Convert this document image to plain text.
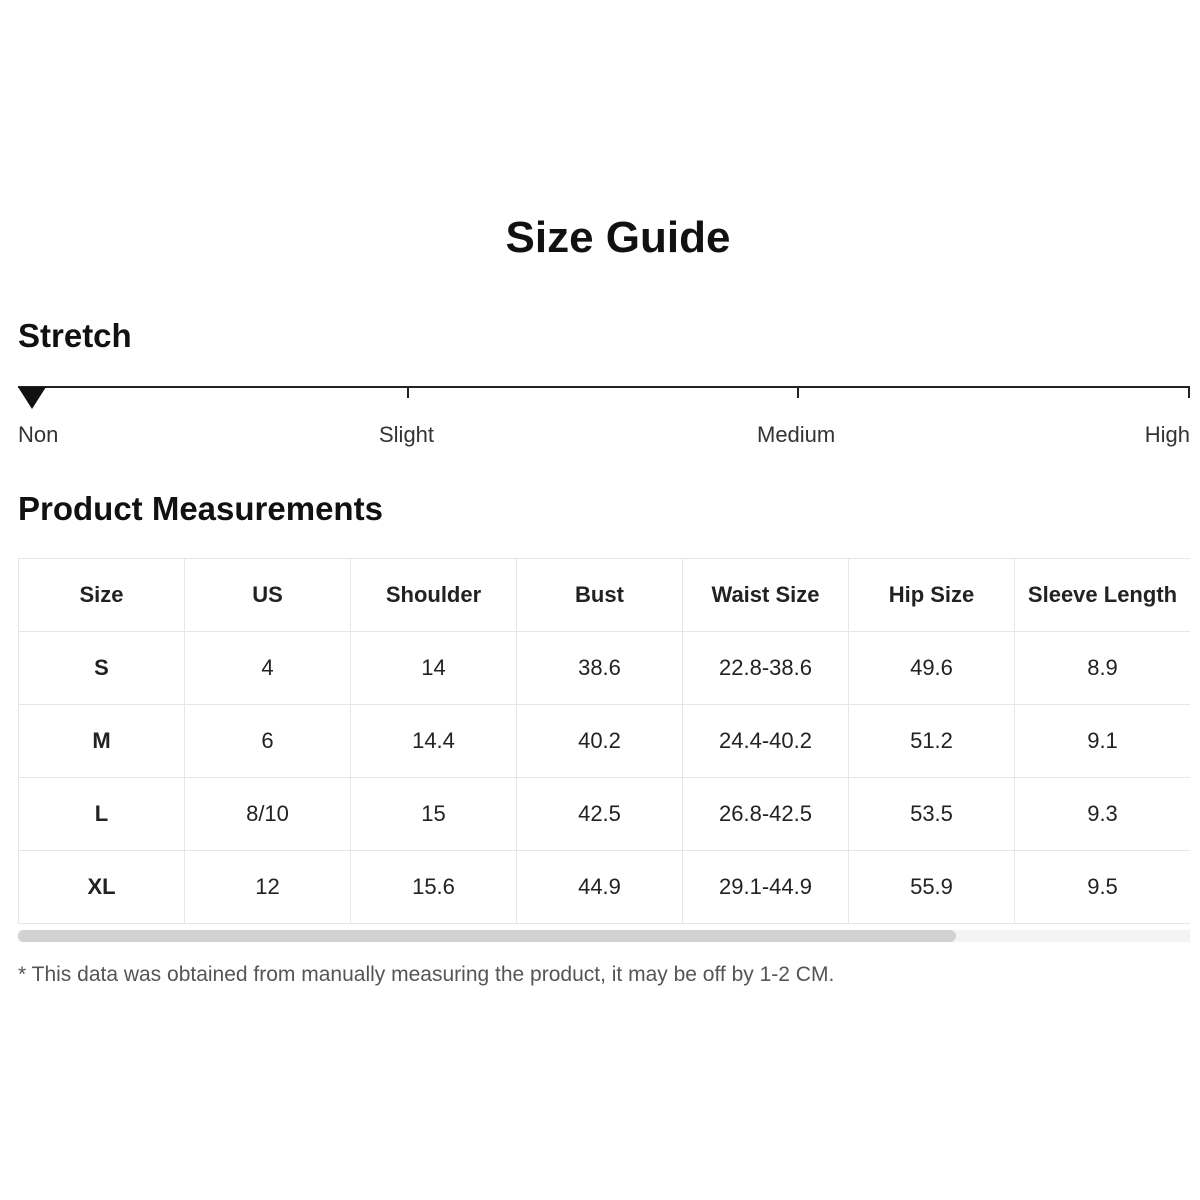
Size Guide
Stretch
Non	Slight	Medium	High
Product Measurements
Size	US	Shoulder	Bust	Waist Size	Hip Size	Sleeve Length
S	4	14	38.6	22.8-38.6	49.6	8.9
M	6	14.4	40.2	24.4-40.2	51.2	9.1
L	8/10	15	42.5	26.8-42.5	53.5	9.3
XL	12	15.6	44.9	29.1-44.9	55.9	9.5
* This data was obtained from manually measuring the product, it may be off by 1-2 CM.
